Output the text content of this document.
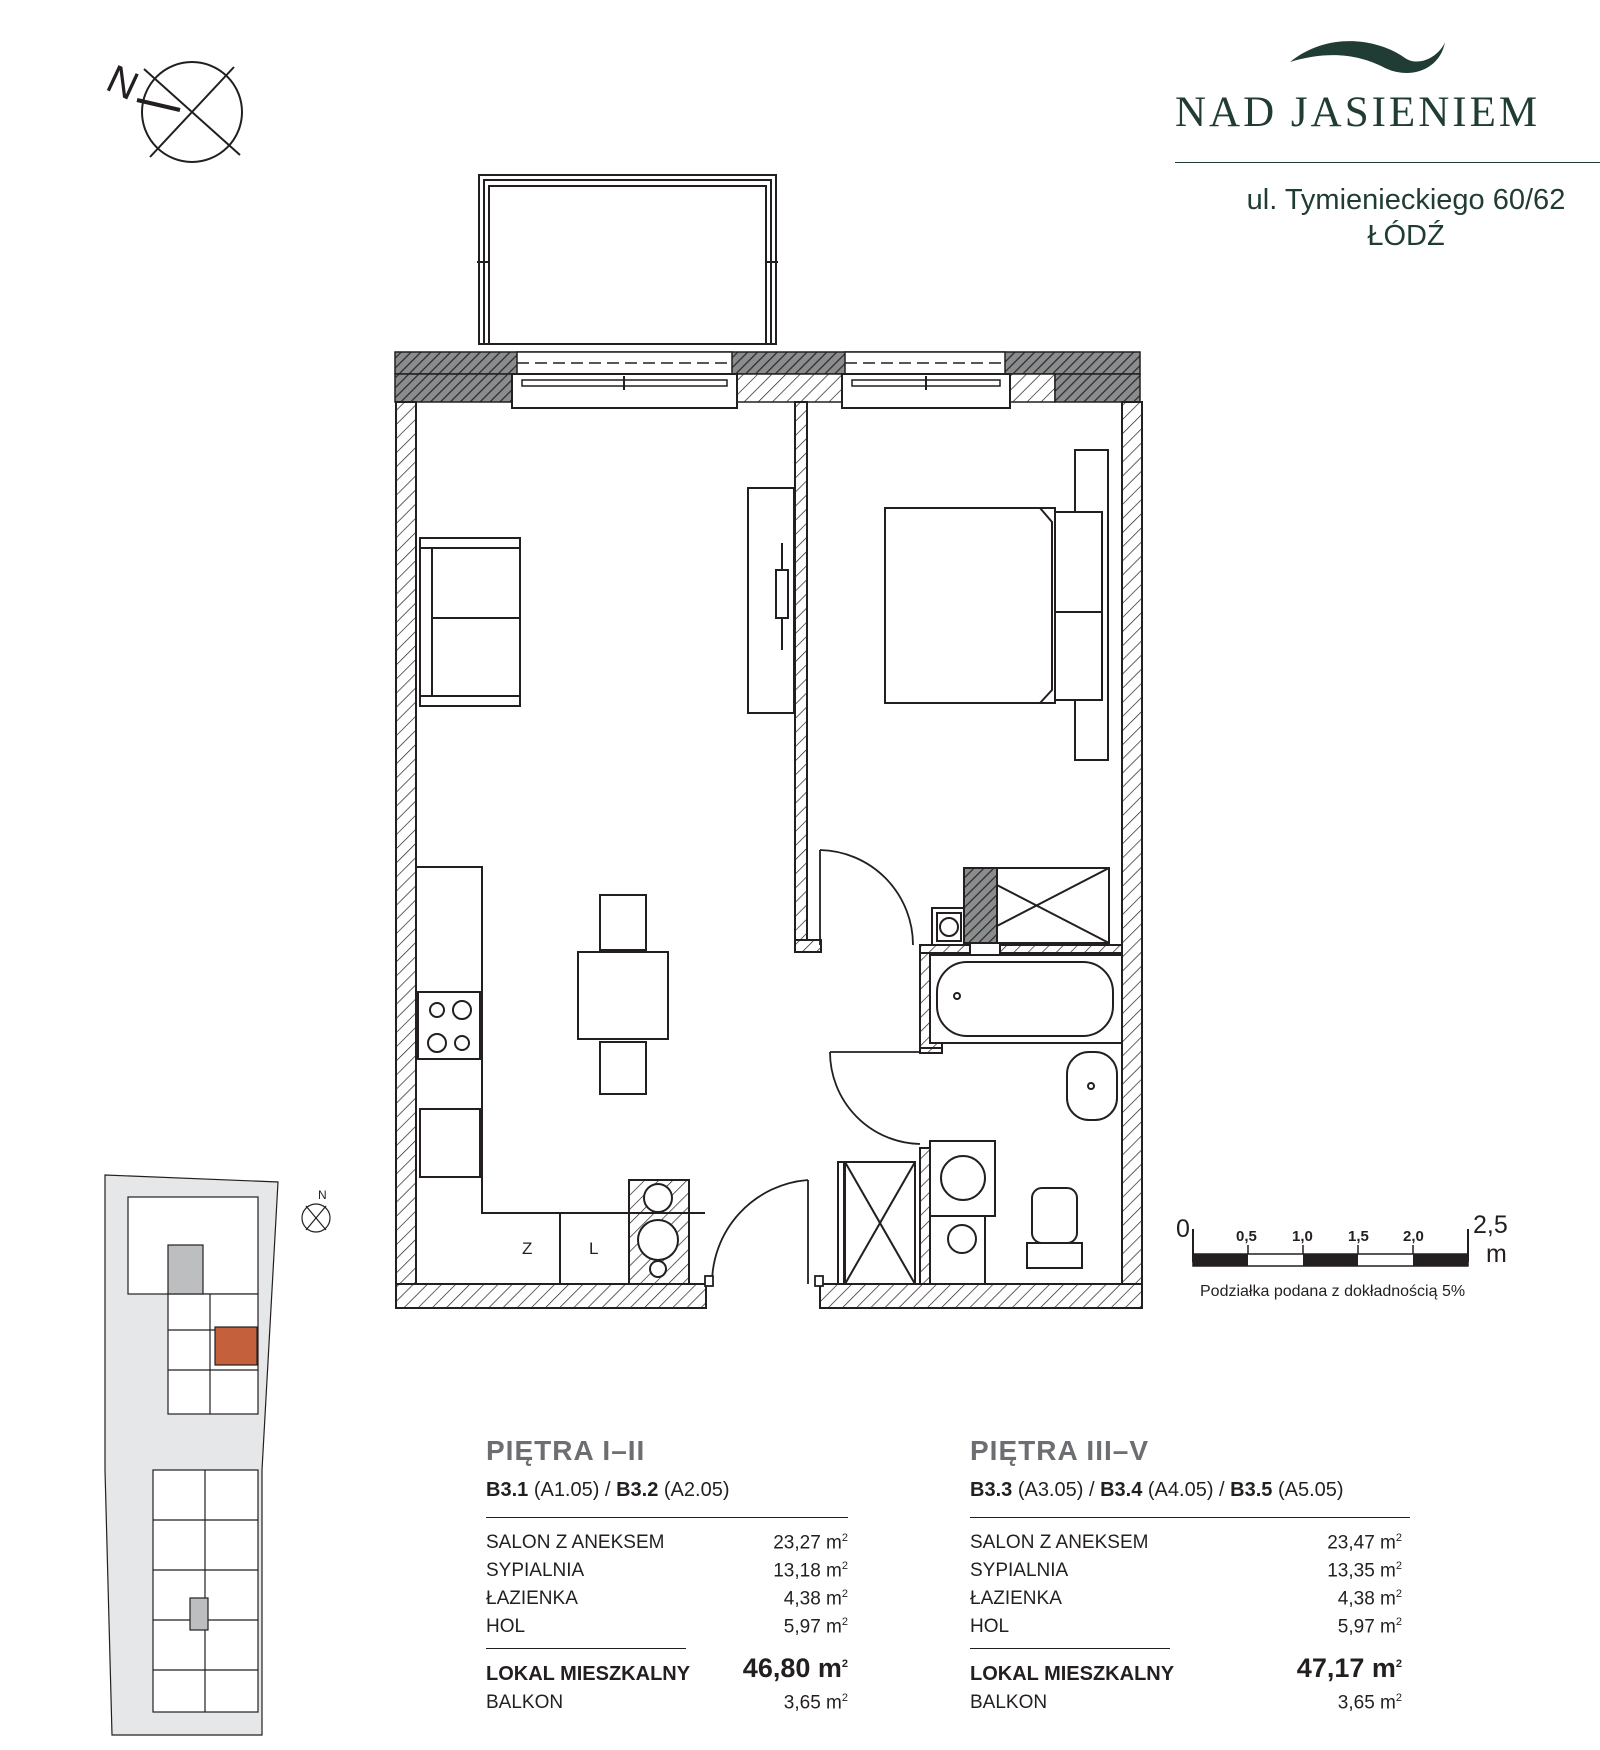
N
Z	L
0	0,5 1,0 1,5 2,0 2,5
m
N
NAD JASIENIEM
ul. Tymienieckiego 60/62
ŁÓDŹ
Podziałka podana z dokładnością 5%
PIĘTRA I–II
B3.1 (A1.05) / B3.2 (A2.05)
SALON Z ANEKSEM	23,27 $m^2$
SYPIALNIA	13,18 $m^2$
ŁAZIENKA	4,38 $m^2$
HOL	5,97 $m^2$
LOKAL MIESZKALNY 46,80 $m^2$
BALKON	3,65 $m^2$
PIĘTRA III–V
B3.3 (A3.05) / B3.4 (A4.05) / B3.5 (A5.05)
SALON Z ANEKSEM	23,47 $m^2$
SYPIALNIA	13,35 $m^2$
ŁAZIENKA	4,38 $m^2$
HOL	5,97 $m^2$
LOKAL MIESZKALNY	47,17 $m^2$
BALKON	3,65 $m^2$
